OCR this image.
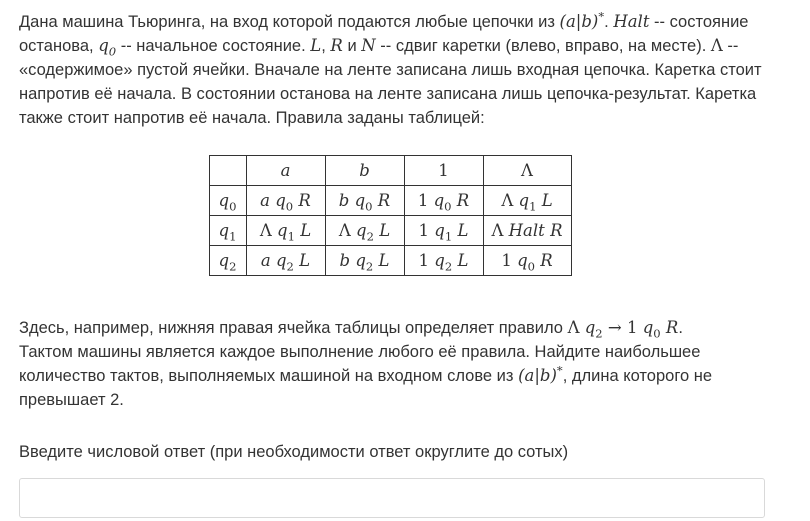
Дана машина Тьюринга, на вход которой подаются любые цепочки из (a|b)*. Halt -- состояние
останова, $q_0$ -- начальное состояние. L, R и N -- сдвиг каретки (влево, вправо, на месте). Λ --
«содержимое» пустой ячейки. Вначале на ленте записана лишь входная цепочка. Каретка стоит
напротив её начала. В состоянии останова на ленте записана лишь цепочка-результат. Каретка
также стоит напротив её начала. Правила заданы таблицей:

	a	b	1	Λ
$q_0$	a $q_0$ R	b $q_0$ R	1 $q_0$ R	Λ $q_1$ L
$q_1$	Λ $q_1$ L	Λ $q_2$ L	1 $q_1$ L	Λ Halt R
$q_2$	a $q_2$ L	b $q_2$ L	1 $q_2$ L	1 $q_0$ R

Здесь, например, нижняя правая ячейка таблицы определяет правило Λ $q_2 \to 1$ $q_0$ R.
Тактом машины является каждое выполнение любого её правила. Найдите наибольшее
количество тактов, выполняемых машиной на входном слове из (a|b)*, длина которого не
превышает 2.

Введите числовой ответ (при необходимости ответ округлите до сотых)
